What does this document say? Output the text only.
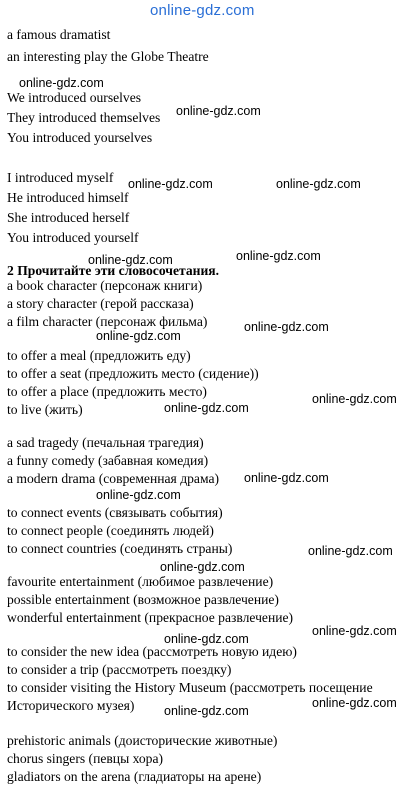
online-gdz.com
online-gdz.com
online-gdz.com
online-gdz.com	online-gdz.com
online-gdz.com
online-gdz.com
online-gdz.com
online-gdz.com
online-gdz.com
online-gdz.com
online-gdz.com
online-gdz.com
online-gdz.com
online-gdz.com
online-gdz.com
online-gdz.com
online-gdz.com
online-gdz.com
a famous dramatist
an interesting play the Globe Theatre
We introduced ourselves
They introduced themselves
You introduced yourselves
I introduced myself
He introduced himself
She introduced herself
You introduced yourself
2 Прочитайте эти словосочетания.
a book character (персонаж книги)
a story character (герой рассказа)
a film character (персонаж фильма)
to offer a meal (предложить еду)
to offer a seat (предложить место (сидение))
to offer a place (предложить место)
to live (жить)
a sad tragedy (печальная трагедия)
a funny comedy (забавная комедия)
a modern drama (современная драма)
to connect events (связывать события)
to connect people (соединять людей)
to connect countries (соединять страны)
favourite entertainment (любимое развлечение)
possible entertainment (возможное развлечение)
wonderful entertainment (прекрасное развлечение)
to consider the new idea (рассмотреть новую идею)
to consider a trip (рассмотреть поездку)
to consider visiting the History Museum (рассмотреть посещение
Исторического музея)
prehistoric animals (доисторические животные)
chorus singers (певцы хора)
gladiators on the arena (гладиаторы на арене)
